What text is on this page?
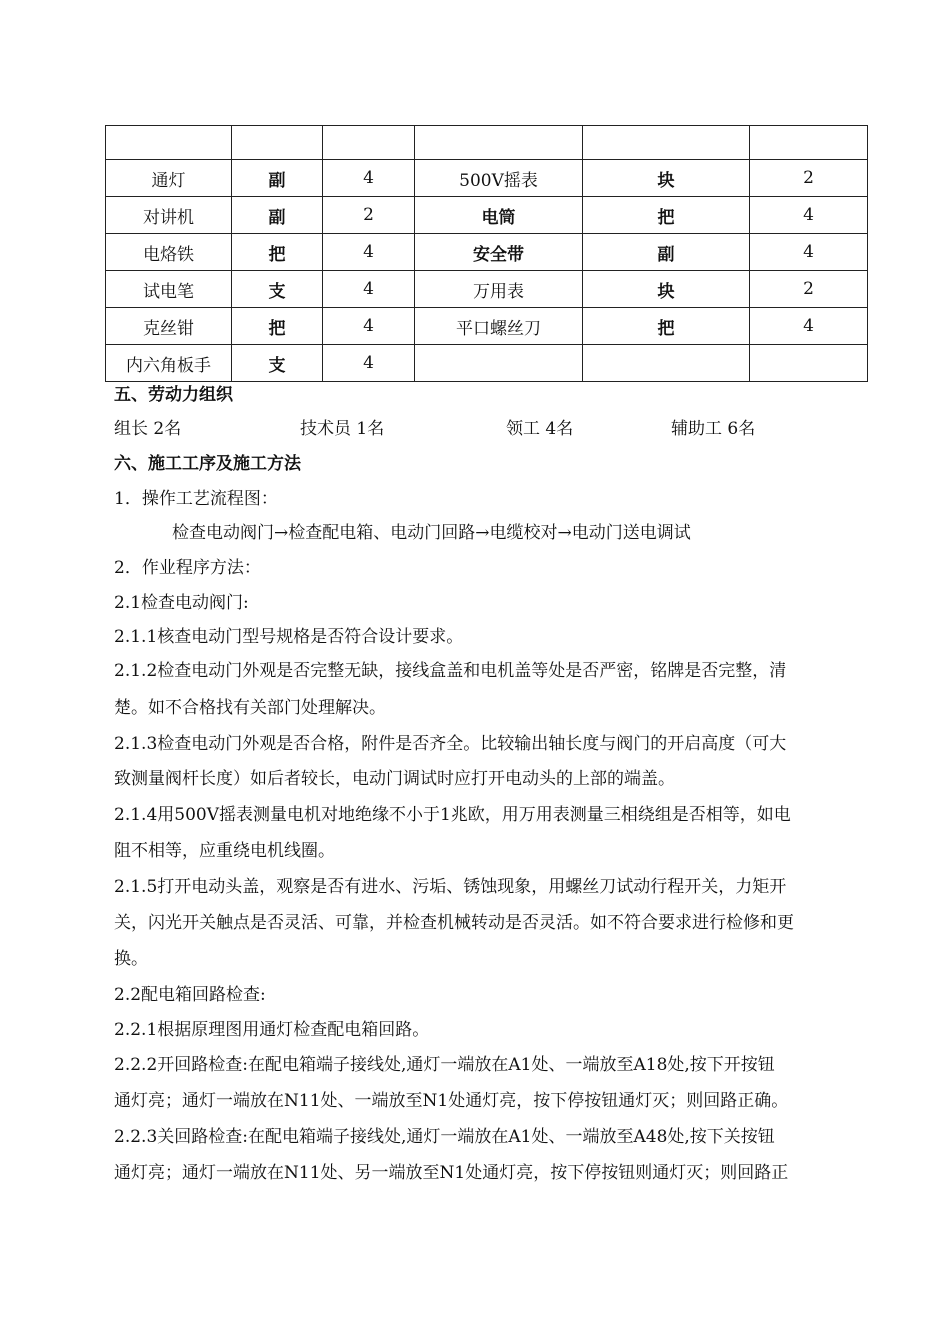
通灯	副	4	500V摇表	块	2
对讲机	副	2	电筒	把	4
电烙铁	把	4	安全带	副	4
试电笔	支	4	万用表	块	2
克丝钳	把	4	平口螺丝刀	把	4
内六角板手	支	4			
五、劳动力组织
组长 2名	技术员 1名	领工 4名	辅助工 6名
六、施工工序及施工方法
1．操作工艺流程图：
检查电动阀门→检查配电箱、电动门回路→电缆校对→电动门送电调试
2．作业程序方法：
2.1检查电动阀门:
2.1.1核查电动门型号规格是否符合设计要求。
2.1.2检查电动门外观是否完整无缺，接线盒盖和电机盖等处是否严密，铭牌是否完整，清
楚。如不合格找有关部门处理解决。
2.1.3检查电动门外观是否合格，附件是否齐全。比较输出轴长度与阀门的开启高度（可大
致测量阀杆长度）如后者较长，电动门调试时应打开电动头的上部的端盖。
2.1.4用500V摇表测量电机对地绝缘不小于1兆欧，用万用表测量三相绕组是否相等，如电
阻不相等，应重绕电机线圈。
2.1.5打开电动头盖，观察是否有进水、污垢、锈蚀现象，用螺丝刀试动行程开关，力矩开
关，闪光开关触点是否灵活、可靠，并检查机械转动是否灵活。如不符合要求进行检修和更
换。
2.2配电箱回路检查:
2.2.1根据原理图用通灯检查配电箱回路。
2.2.2开回路检查:在配电箱端子接线处,通灯一端放在A1处、一端放至A18处,按下开按钮
通灯亮；通灯一端放在N11处、一端放至N1处通灯亮，按下停按钮通灯灭；则回路正确。
2.2.3关回路检查:在配电箱端子接线处,通灯一端放在A1处、一端放至A48处,按下关按钮
通灯亮；通灯一端放在N11处、另一端放至N1处通灯亮，按下停按钮则通灯灭；则回路正
